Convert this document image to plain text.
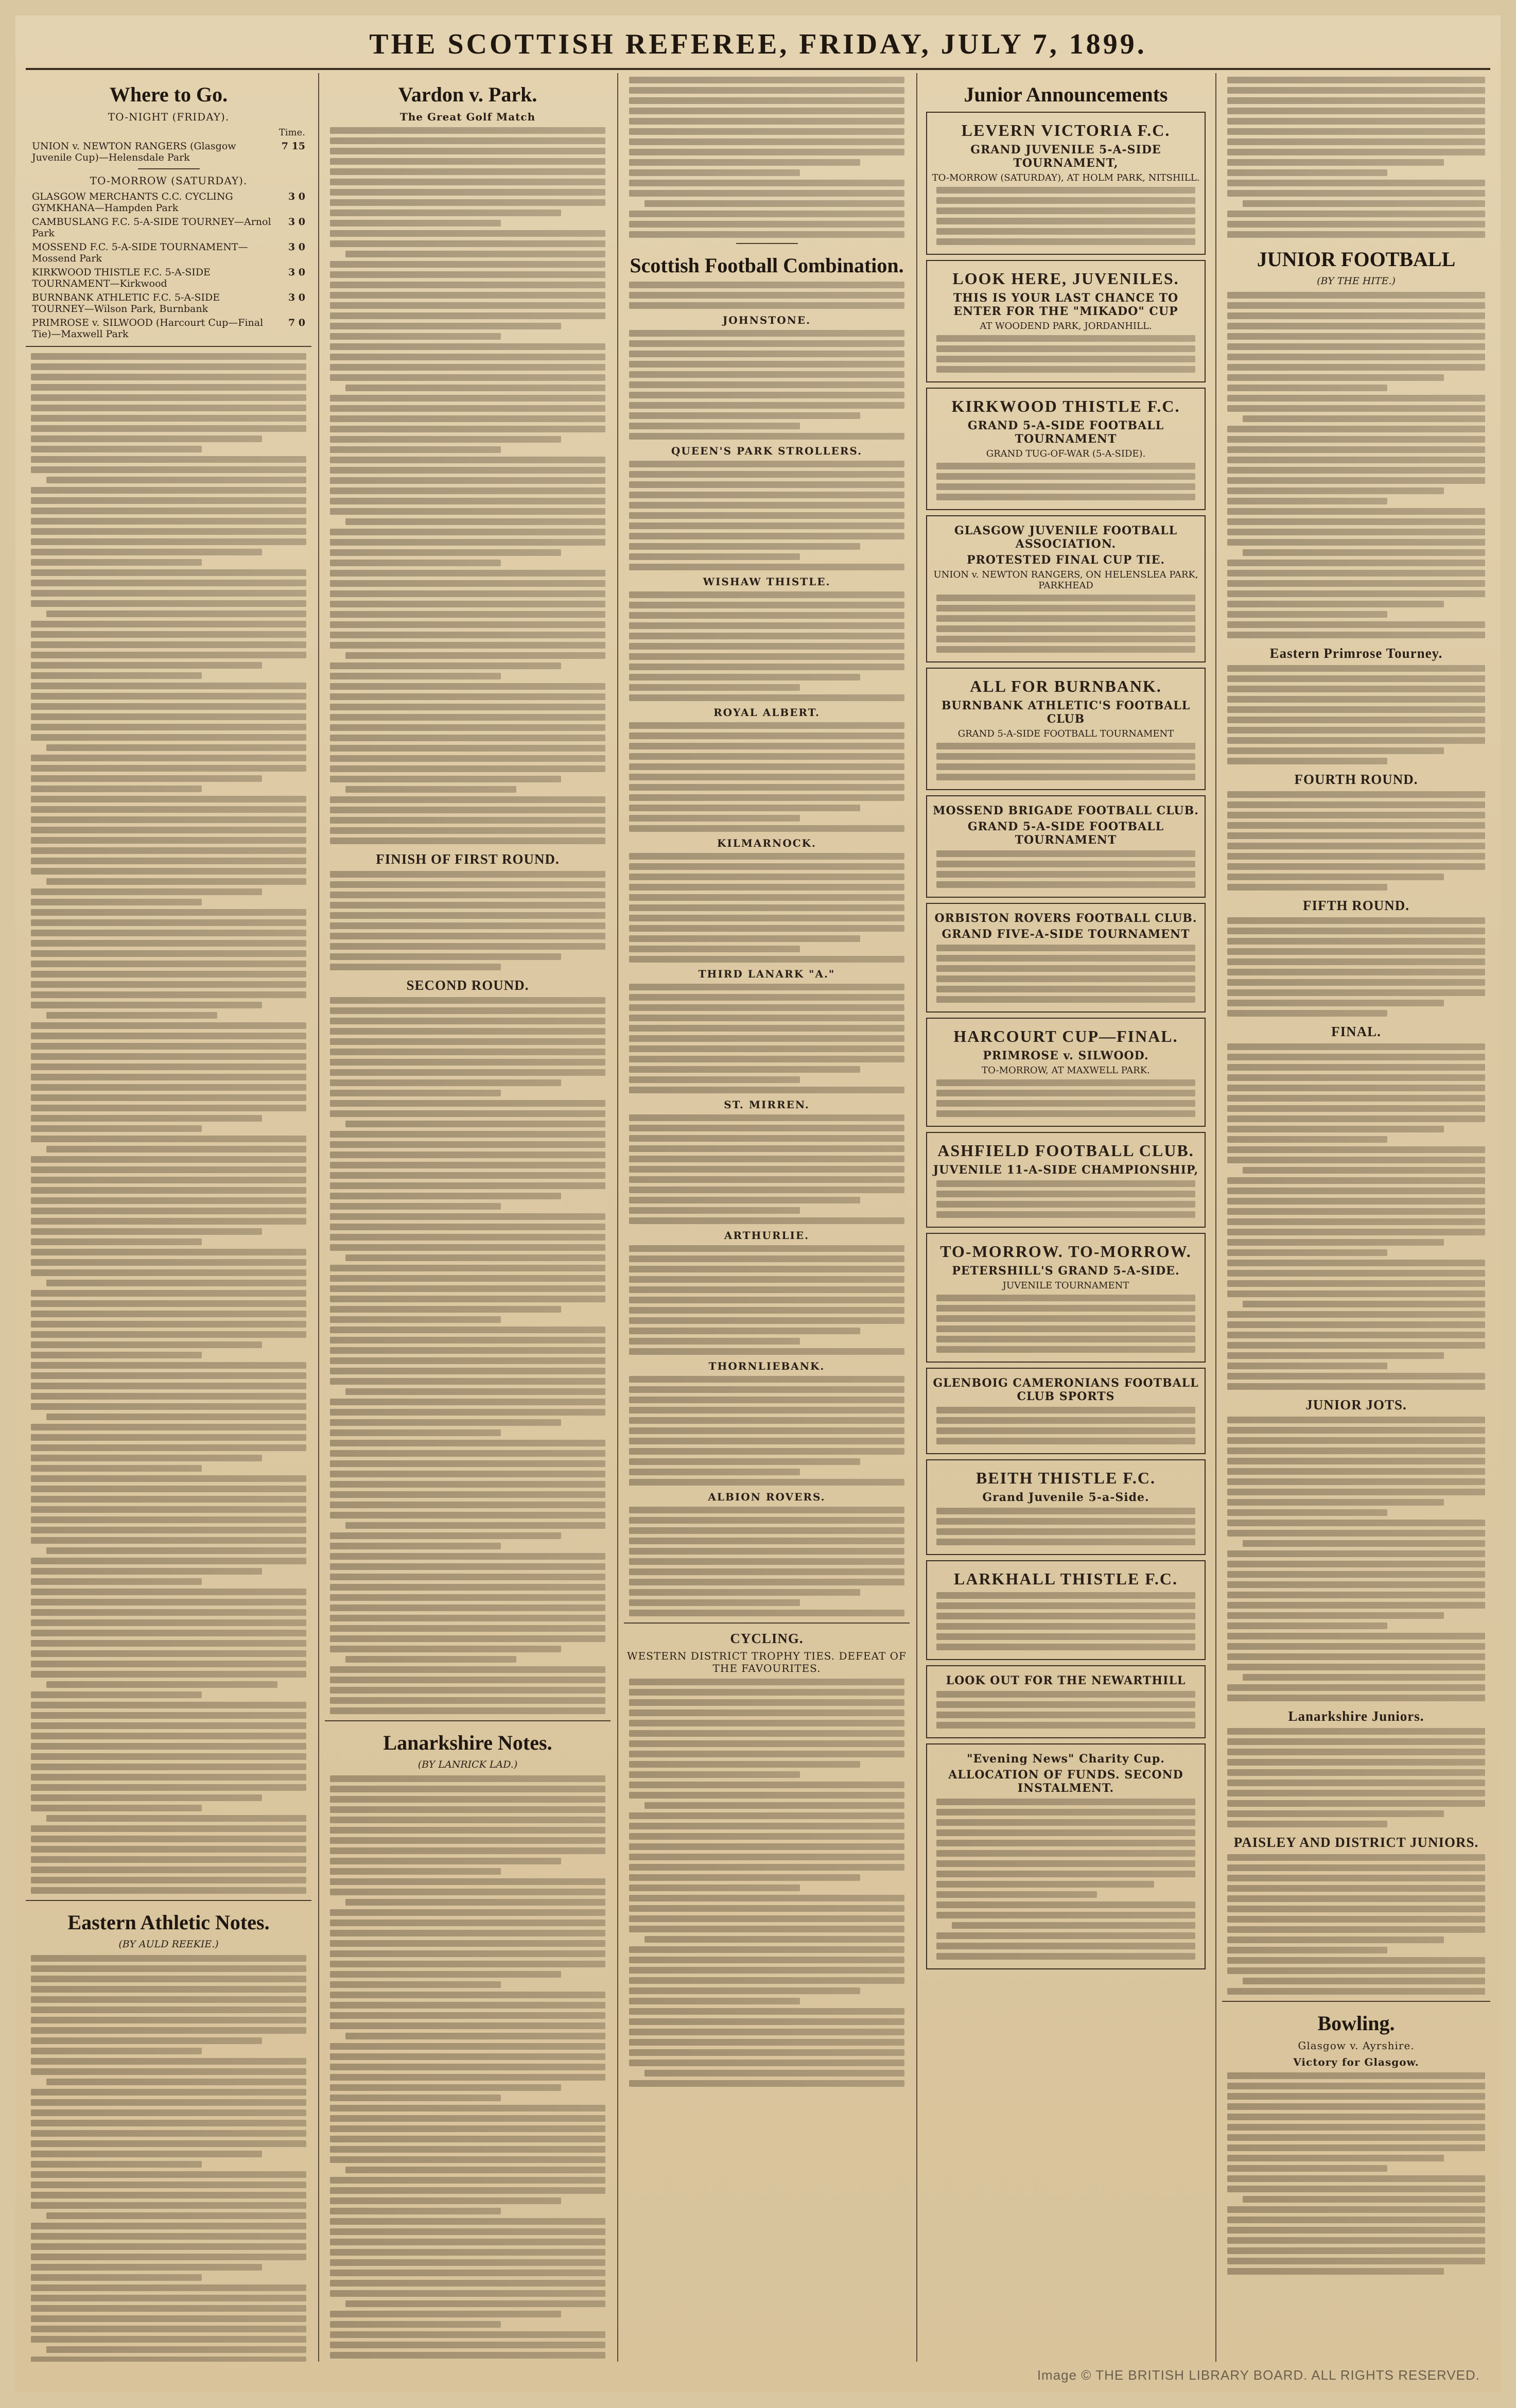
THE SCOTTISH REFEREE, FRIDAY, JULY 7, 1899.
Where to Go.
TO-NIGHT (FRIDAY).
Time.
UNION v. NEWTON RANGERS (Glasgow Juvenile Cup)—Helensdale Park
7 15
TO-MORROW (SATURDAY).
GLASGOW MERCHANTS C.C. CYCLING GYMKHANA—Hampden Park
3 0
CAMBUSLANG F.C. 5-A-SIDE TOURNEY—Arnol Park
3 0
MOSSEND F.C. 5-A-SIDE TOURNAMENT—Mossend Park
3 0
KIRKWOOD THISTLE F.C. 5-A-SIDE TOURNAMENT—Kirkwood
3 0
BURNBANK ATHLETIC F.C. 5-A-SIDE TOURNEY—Wilson Park, Burnbank
3 0
PRIMROSE v. SILWOOD (Harcourt Cup—Final Tie)—Maxwell Park
7 0
Eastern Athletic Notes.
(BY AULD REEKIE.)
Vardon v. Park.
The Great Golf Match
FINISH OF FIRST ROUND.
SECOND ROUND.
Lanarkshire Notes.
(BY LANRICK LAD.)
Scottish Football Combination.
JOHNSTONE.
QUEEN'S PARK STROLLERS.
WISHAW THISTLE.
ROYAL ALBERT.
KILMARNOCK.
THIRD LANARK "A."
ST. MIRREN.
ARTHURLIE.
THORNLIEBANK.
ALBION ROVERS.
CYCLING.
WESTERN DISTRICT TROPHY TIES. DEFEAT OF THE FAVOURITES.
Junior Announcements
LEVERN VICTORIA F.C.
GRAND JUVENILE 5-A-SIDE TOURNAMENT,
TO-MORROW (SATURDAY), AT HOLM PARK, NITSHILL.
LOOK HERE, JUVENILES.
THIS IS YOUR LAST CHANCE TO ENTER FOR THE "MIKADO" CUP
AT WOODEND PARK, JORDANHILL.
KIRKWOOD THISTLE F.C.
GRAND 5-A-SIDE FOOTBALL TOURNAMENT
GRAND TUG-OF-WAR (5-A-SIDE).
GLASGOW JUVENILE FOOTBALL ASSOCIATION.
PROTESTED FINAL CUP TIE.
UNION v. NEWTON RANGERS, ON HELENSLEA PARK, PARKHEAD
ALL FOR BURNBANK.
BURNBANK ATHLETIC'S FOOTBALL CLUB
GRAND 5-A-SIDE FOOTBALL TOURNAMENT
MOSSEND BRIGADE FOOTBALL CLUB.
GRAND 5-A-SIDE FOOTBALL TOURNAMENT
ORBISTON ROVERS FOOTBALL CLUB.
GRAND FIVE-A-SIDE TOURNAMENT
HARCOURT CUP—FINAL.
PRIMROSE v. SILWOOD.
TO-MORROW, AT MAXWELL PARK.
ASHFIELD FOOTBALL CLUB.
JUVENILE 11-A-SIDE CHAMPIONSHIP,
TO-MORROW. TO-MORROW.
PETERSHILL'S GRAND 5-A-SIDE.
JUVENILE TOURNAMENT
GLENBOIG CAMERONIANS FOOTBALL CLUB SPORTS
BEITH THISTLE F.C.
Grand Juvenile 5-a-Side.
LARKHALL THISTLE F.C.
LOOK OUT FOR THE NEWARTHILL
"Evening News" Charity Cup.
ALLOCATION OF FUNDS. SECOND INSTALMENT.
JUNIOR FOOTBALL
(BY THE HITE.)
Eastern Primrose Tourney.
FOURTH ROUND.
FIFTH ROUND.
FINAL.
JUNIOR JOTS.
Lanarkshire Juniors.
PAISLEY AND DISTRICT JUNIORS.
Bowling.
Glasgow v. Ayrshire.
Victory for Glasgow.
Image © THE BRITISH LIBRARY BOARD. ALL RIGHTS RESERVED.
